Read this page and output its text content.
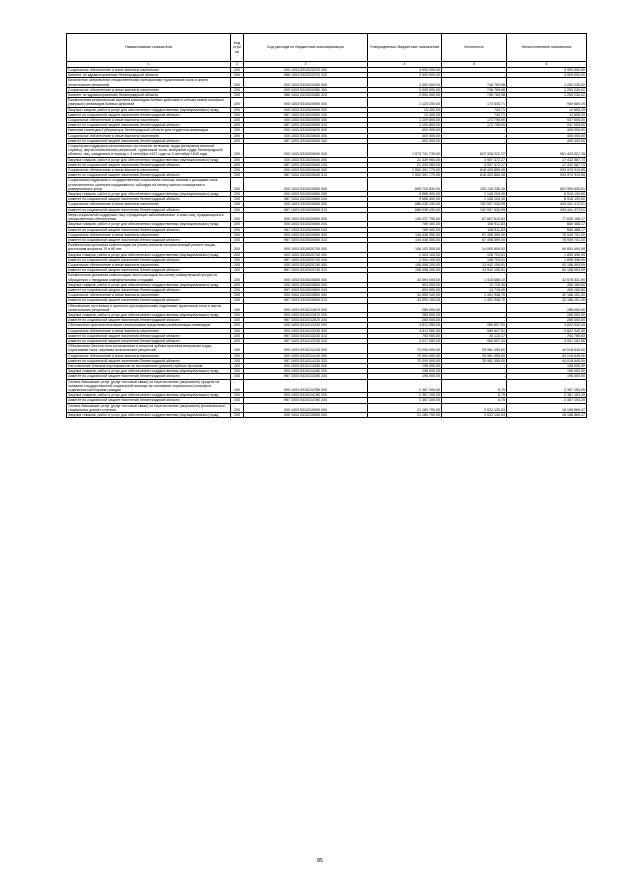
Наименование показателя	Код стро ки	Код расхода по бюджетной классификации	Утвержденные бюджетные назначения	Исполнено	Неисполненные назначения
1	2	3	4	5	6
Социальное обеспечение и иные выплаты населению	200	000 1003 5310020370 300	3 900 000,00	-	3 900 000,00
Комитет по здравоохранению Ленинградской области	200	986 1003 5310020370 323	3 900 000,00	-	3 900 000,00
Бесплатное обеспечение лекарственными препаратами труженников тыла и жертв политических репрессий	200	000 1003 5310020380 000	2 000 000,00	746 769,98	1 253 230,02
Социальное обеспечение и иные выплаты населению	200	000 1003 5310020380 300	2 000 000,00	746 769,98	1 253 230,02
Комитет по здравоохранению Ленинградской области	200	986 1003 5310020380 323	2 000 000,00	746 769,98	1 253 230,02
Ежемесячная региональная выплата инвалидам боевых действий и членам семей погибших (умерших) инвалидов боевых действий	200	000 1003 5310020590 000	1 123 200,00	173 530,71	949 669,29
Закупка товаров, работ и услуг для обеспечения государственных (муниципальных) нужд	200	000 1003 5310020590 200	13 400,00	744,71	12 655,29
комитет по социальной защите населения Ленинградской области	200	987 1003 5310020590 244	13 400,00	744,71	12 655,29
Социальное обеспечение и иные выплаты населению	200	000 1003 5310020590 300	1 109 800,00	172 795,00	937 005,00
комитет по социальной защите населения Ленинградской области	200	987 1003 5310020590 313	1 109 800,00	172 795,00	937 005,00
Именная стипендия Губернатора Ленинградской области для студентов-инвалидов	200	000 1003 5310020630 000	400 000,00	-	400 000,00
Социальное обеспечение и иные выплаты населению	200	000 1003 5310020630 300	400 000,00	-	400 000,00
комитет по социальной защите населения Ленинградской области	200	987 1003 5310020630 340	400 000,00	-	400 000,00
Социальная поддержка региональных льготников: ветераны труда (ветеранов военной службы), жертв политических репрессий, тружеников тыла, ветеранов труда Ленинградской области, лиц, рожденных в период с 3 сентября 1927 года по 2 сентября 1945 года	200	000 1003 5310020640 000	1 573 731 730,00	622 328 222,72	951 403 507,28
Закупка товаров, работ и услуг для обеспечения государственных (муниципальных) нужд	200	000 1003 5310020640 200	21 339 960,00	3 907 372,27	17 432 587,73
комитет по социальной защите населения Ленинградской области	200	987 1003 5310020640 244	21 339 960,00	3 907 372,27	17 432 587,73
Социальное обеспечение и иные выплаты населению	200	000 1003 5310020640 300	1 552 391 770,00	618 420 850,45	933 970 919,55
комитет по социальной защите населения Ленинградской области	200	987 1003 5310020640 313	1 552 391 770,00	618 420 850,45	933 970 919,55
Социальная поддержка и государственная социальная помощь семьям с доходами ниже установленного критерия нуждаемости, субсидии на оплату жилого помещения и коммунальных услуг	200	000 1003 5310020650 000	695 704 830,00	193 745 236,39	501 959 593,61
Закупка товаров, работ и услуг для обеспечения государственных (муниципальных) нужд	200	000 1003 5310020650 200	9 666 400,00	1 148 209,40	8 518 190,60
комитет по социальной защите населения Ленинградской области	200	987 1003 5310020650 244	9 666 400,00	1 148 209,40	8 518 190,60
Социальное обеспечение и иные выплаты населению	200	000 1003 5310020650 300	686 038 430,00	192 597 026,99	493 441 373,01
комитет по социальной защите населения Ленинградской области	200	987 1003 5310020650 313	686 038 430,00	192 597 026,99	493 441 373,01
Меры социальной поддержки лиц, страдающих заболеваниями, и иных лиц, нуждающихся в лекарственном обеспечении	200	000 1003 5310020690 000	145 237 750,00	67 607 510,83	77 630 189,17
Закупка товаров, работ и услуг для обеспечения государственных (муниципальных) нужд	200	000 1003 5310020690 200	789 400,00	108 911,83	680 488,17
комитет по социальной защите населения Ленинградской области	200	987 1003 5310020690 244	789 400,00	108 911,83	680 488,17
Социальное обеспечение и иные выплаты населению	200	000 1003 5310020690 300	144 448 350,00	67 498 599,00	76 949 701,00
комитет по социальной защите населения Ленинградской области	200	987 1003 5310020690 313	144 448 350,00	67 498 599,00	76 949 701,00
Ежемесячная денежная компенсация на уплату взносов на капитальный ремонт лицам, достигшим возраста 70 и 80 лет	200	000 1003 5310020740 000	108 102 300,00	14 050 809,92	94 051 490,08
Закупка товаров, работ и услуг для обеспечения государственных (муниципальных) нужд	200	000 1003 5310020740 200	2 004 100,00	108 703,01	1 895 396,99
комитет по социальной защите населения Ленинградской области	200	987 1003 5310020740 244	2 004 100,00	108 703,01	1 895 396,99
Социальное обеспечение и иные выплаты населению	200	000 1003 5310020740 300	106 098 200,00	13 942 106,91	92 156 093,09
комитет по социальной защите населения Ленинградской области	200	987 1003 5310020740 313	106 098 200,00	13 942 106,91	92 156 093,09
Ежемесячная денежная компенсация части расходов на оплату коммунальной услуги по обращению с твердыми коммунальными отходами	200	000 1003 5310020800 000	34 094 000,00	1 415 668,10	32 678 331,90
Закупка товаров, работ и услуг для обеспечения государственных (муниципальных) нужд	200	000 1003 5310020800 200	503 900,00	13 719,40	490 180,60
комитет по социальной защите населения Ленинградской области	200	987 1003 5310020800 244	503 900,00	13 719,40	490 180,60
Социальное обеспечение и иные выплаты населению	200	000 1003 5310020800 300	33 590 100,00	1 401 948,70	32 188 151,30
комитет по социальной защите населения Ленинградской области	200	987 1003 5310020800 313	33 590 100,00	1 401 948,70	32 188 151,30
Обеспечение протезами и протезно-ортопедическими изделиями тружеников тыла и жертв политических репрессий	200	000 1003 5310212870 000	285 000,00	-	285 000,00
Закупка товаров, работ и услуг для обеспечения государственных (муниципальных) нужд	200	000 1003 5310212870 200	285 000,00	-	285 000,00
комитет по социальной защите населения Ленинградской области	200	987 1003 5310212870 244	285 000,00	-	285 000,00
Обеспечение дополнительными техническими средствами реабилитации инвалидов	200	000 1003 5310213230 000	4 811 950,00	989 807,51	3 822 042,49
Социальное обеспечение и иные выплаты населению	200	000 1003 5310213230 300	4 811 950,00	989 807,51	3 822 042,49
комитет по социальной защите населения Ленинградской области	200	987 1003 5310213230 313	793 900,00	29 110,17	764 789,83
комитет по социальной защите населения Ленинградской области	200	987 1003 5310213230 323	4 017 950,00	960 697,34	3 057 252,66
Обеспечение бесплатного изготовления и ремонта зубных протезов ветеранам труда, труженикам тыла, жертвам политических репрессий	200	000 1003 5310214130 000	70 000 000,00	25 981 355,00	44 018 645,00
Социальное обеспечение и иные выплаты населению	200	000 1003 5310214130 300	70 000 000,00	25 981 355,00	44 018 645,00
комитет по социальной защите населения Ленинградской области	200	987 1003 5310214130 323	70 000 000,00	25 981 355,00	44 018 645,00
Изготовление бланков сертификатов на изготовление (ремонт) зубных протезов	200	000 1003 5310214280 000	198 000,00	-	198 000,00
Закупка товаров, работ и услуг для обеспечения государственных (муниципальных) нужд	200	000 1003 5310214280 200	198 000,00	-	198 000,00
комитет по социальной защите населения Ленинградской области	200	987 1003 5310214280 244	198 000,00	-	198 000,00
Оплата банковских услуг (услуг почтовой связи) по перечислению (пересылке) средств на оказание государственной социальной помощи на основании социального контракта отдельным категориям граждан	200	000 1003 5310214780 000	2 367 200,00	6,75	2 367 193,25
Закупка товаров, работ и услуг для обеспечения государственных (муниципальных) нужд	200	000 1003 5310214780 200	2 367 200,00	6,75	2 367 193,25
комитет по социальной защите населения Ленинградской области	200	987 1003 5310214780 244	2 367 200,00	6,75	2 367 193,25
Оплата банковских услуг (услуг почтовой связи) по перечислению (пересылке) региональных социальных доплат к пенсии	200	000 1003 5310215050 000	21 180 700,00	3 022 130,53	18 158 569,47
Закупка товаров, работ и услуг для обеспечения государственных (муниципальных) нужд	200	000 1003 5310215050 200	21 180 700,00	3 022 130,53	18 158 569,47
85
